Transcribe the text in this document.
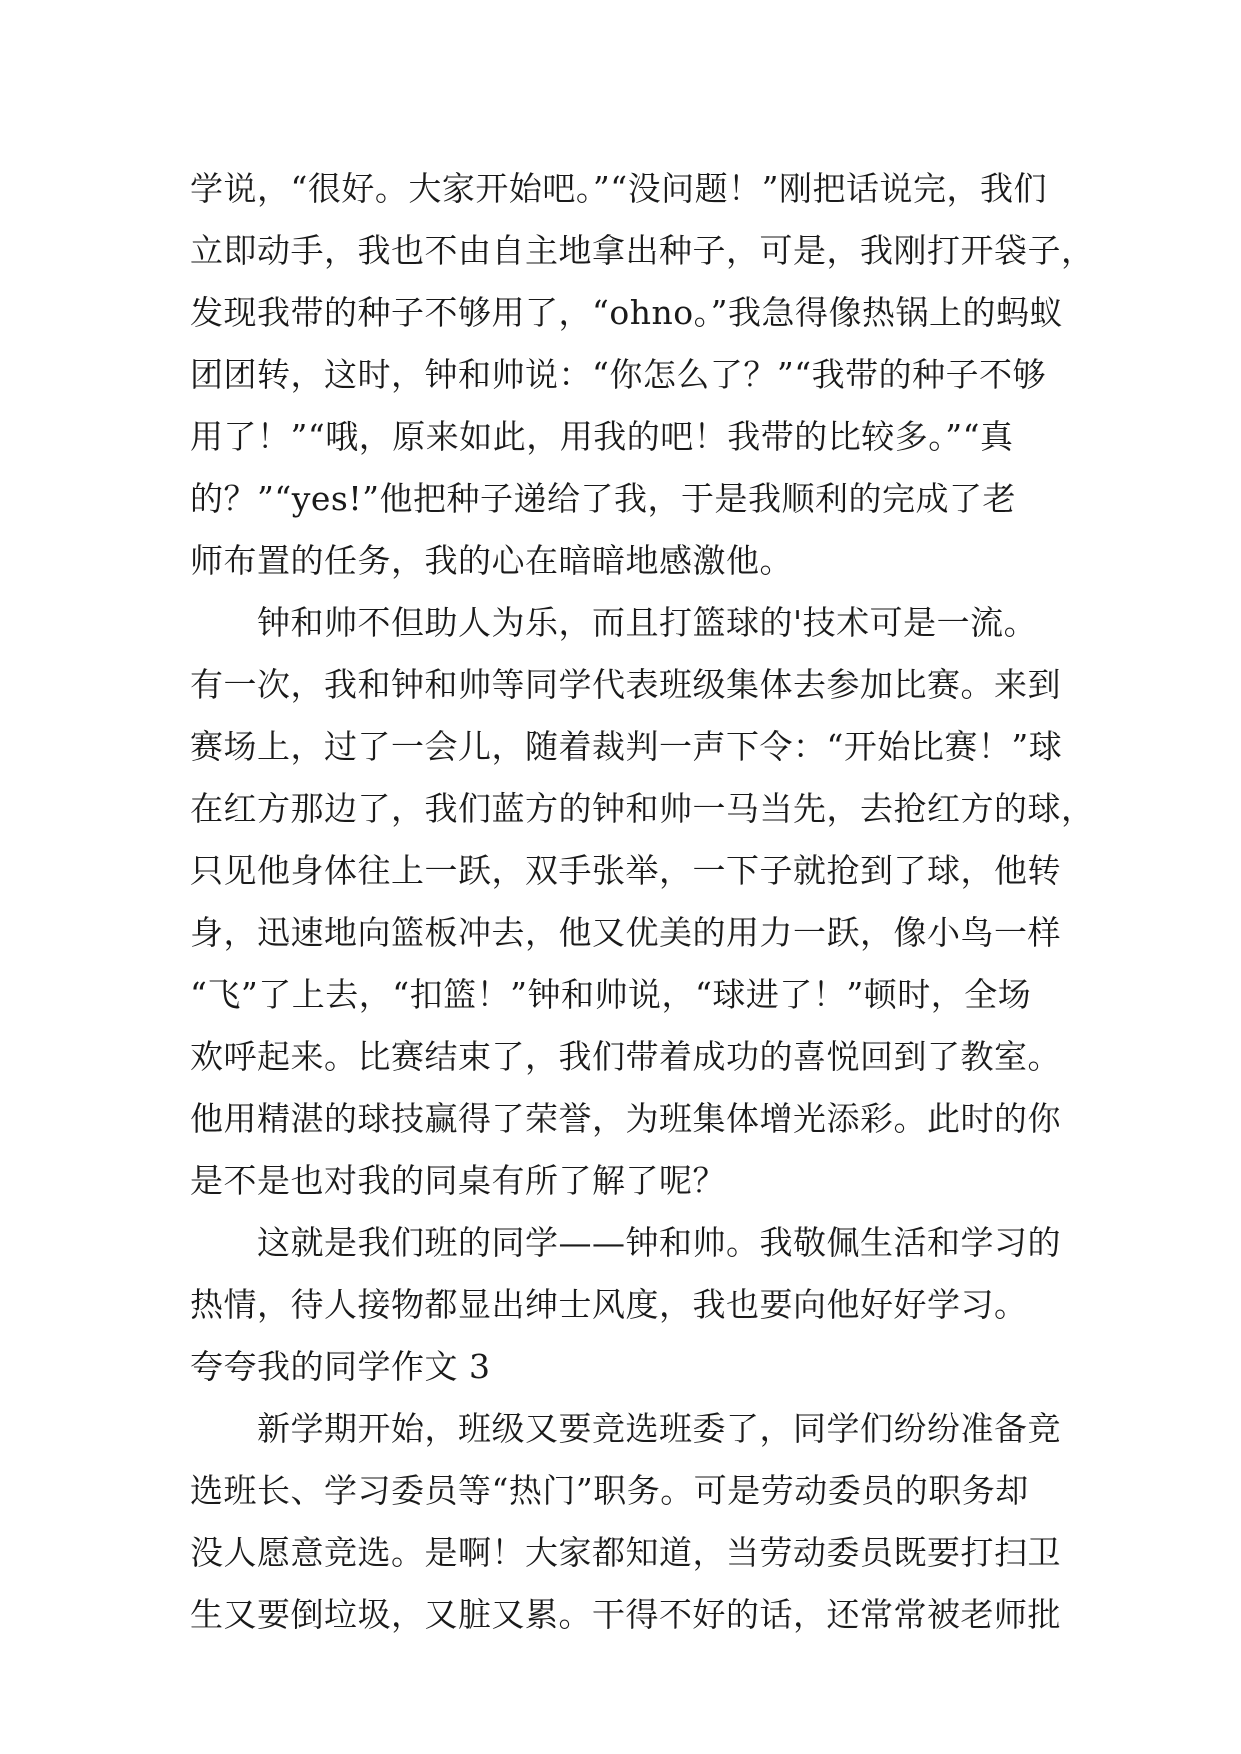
学说，“很好。大家开始吧。”“没问题！”刚把话说完，我们
立即动手，我也不由自主地拿出种子，可是，我刚打开袋子，
发现我带的种子不够用了，“ohno。”我急得像热锅上的蚂蚁
团团转，这时，钟和帅说：“你怎么了？”“我带的种子不够
用了！”“哦，原来如此，用我的吧！我带的比较多。”“真
的？”“yes!”他把种子递给了我，于是我顺利的完成了老
师布置的任务，我的心在暗暗地感激他。
　　钟和帅不但助人为乐，而且打篮球的'技术可是一流。
有一次，我和钟和帅等同学代表班级集体去参加比赛。来到
赛场上，过了一会儿，随着裁判一声下令：“开始比赛！”球
在红方那边了，我们蓝方的钟和帅一马当先，去抢红方的球，
只见他身体往上一跃，双手张举，一下子就抢到了球，他转
身，迅速地向篮板冲去，他又优美的用力一跃，像小鸟一样
“飞”了上去，“扣篮！”钟和帅说，“球进了！”顿时，全场
欢呼起来。比赛结束了，我们带着成功的喜悦回到了教室。
他用精湛的球技赢得了荣誉，为班集体增光添彩。此时的你
是不是也对我的同桌有所了解了呢？
　　这就是我们班的同学——钟和帅。我敬佩生活和学习的
热情，待人接物都显出绅士风度，我也要向他好好学习。
夸夸我的同学作文 3
　　新学期开始，班级又要竞选班委了，同学们纷纷准备竞
选班长、学习委员等“热门”职务。可是劳动委员的职务却
没人愿意竞选。是啊！大家都知道，当劳动委员既要打扫卫
生又要倒垃圾，又脏又累。干得不好的话，还常常被老师批
